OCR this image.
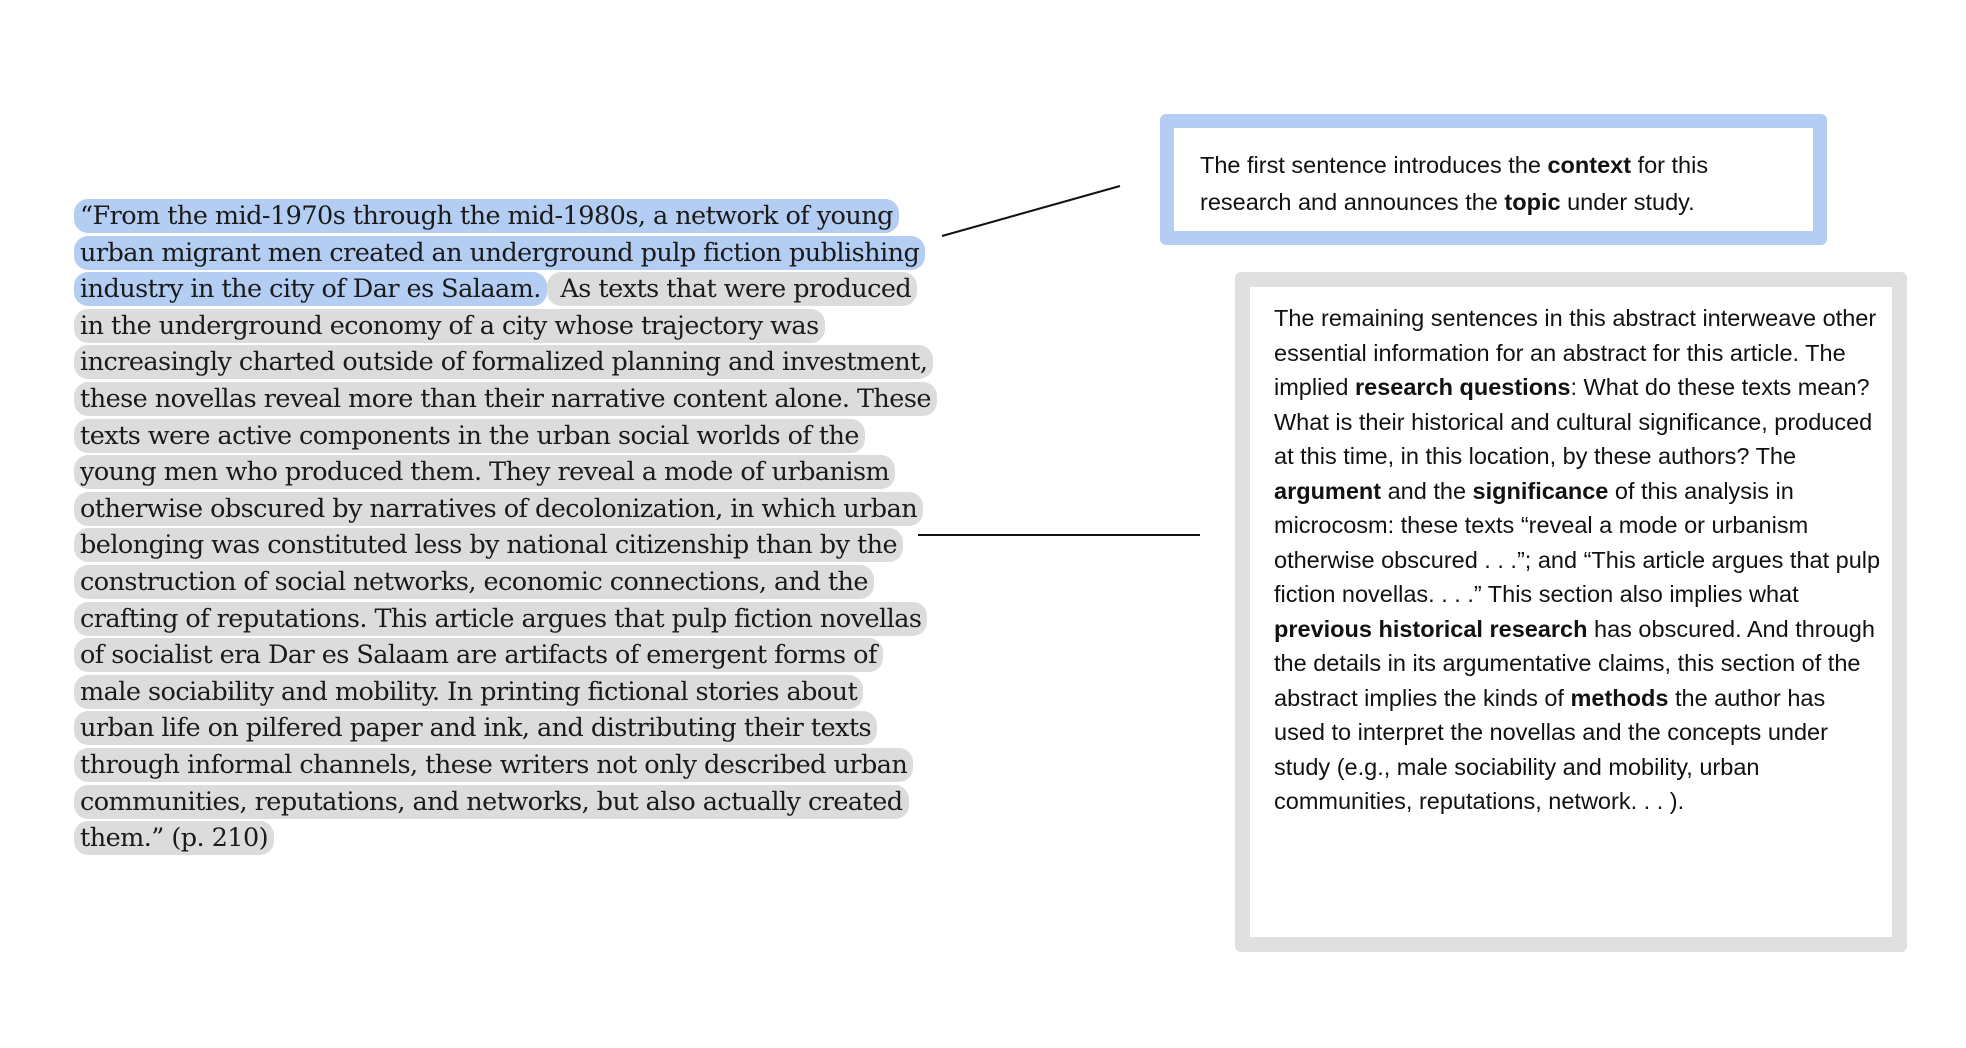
“From the mid-1970s through the mid-1980s, a network of young urban migrant men created an underground pulp fiction publishing industry in the city of Dar es Salaam. As texts that were produced in the underground economy of a city whose trajectory was increasingly charted outside of formalized planning and investment, these novellas reveal more than their narrative content alone. These texts were active components in the urban social worlds of the young men who produced them. They reveal a mode of urbanism otherwise obscured by narratives of decolonization, in which urban belonging was constituted less by national citizenship than by the construction of social networks, economic connections, and the crafting of reputations. This article argues that pulp fiction novellas of socialist era Dar es Salaam are artifacts of emergent forms of male sociability and mobility. In printing fictional stories about urban life on pilfered paper and ink, and distributing their texts through informal channels, these writers not only described urban communities, reputations, and networks, but also actually created them.” (p. 210)

The first sentence introduces the context for this research and announces the topic under study.

The remaining sentences in this abstract interweave other essential information for an abstract for this article. The implied research questions: What do these texts mean? What is their historical and cultural significance, produced at this time, in this location, by these authors? The argument and the significance of this analysis in microcosm: these texts “reveal a mode or urbanism otherwise obscured . . .”; and “This article argues that pulp fiction novellas. . . .” This section also implies what previous historical research has obscured. And through the details in its argumentative claims, this section of the abstract implies the kinds of methods the author has used to interpret the novellas and the concepts under study (e.g., male sociability and mobility, urban communities, reputations, network. . . ).
